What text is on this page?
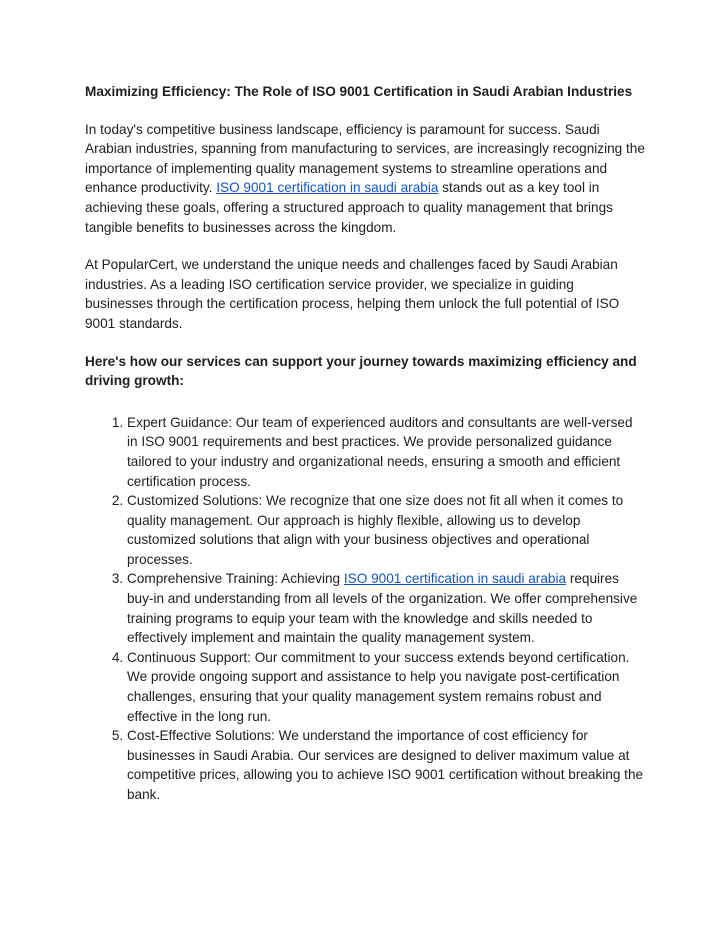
Maximizing Efficiency: The Role of ISO 9001 Certification in Saudi Arabian Industries

In today's competitive business landscape, efficiency is paramount for success. Saudi Arabian industries, spanning from manufacturing to services, are increasingly recognizing the importance of implementing quality management systems to streamline operations and enhance productivity. ISO 9001 certification in saudi arabia stands out as a key tool in achieving these goals, offering a structured approach to quality management that brings tangible benefits to businesses across the kingdom.

At PopularCert, we understand the unique needs and challenges faced by Saudi Arabian industries. As a leading ISO certification service provider, we specialize in guiding businesses through the certification process, helping them unlock the full potential of ISO 9001 standards.

Here's how our services can support your journey towards maximizing efficiency and driving growth:
1. Expert Guidance: Our team of experienced auditors and consultants are well-versed in ISO 9001 requirements and best practices. We provide personalized guidance tailored to your industry and organizational needs, ensuring a smooth and efficient certification process.
2. Customized Solutions: We recognize that one size does not fit all when it comes to quality management. Our approach is highly flexible, allowing us to develop customized solutions that align with your business objectives and operational processes.
3. Comprehensive Training: Achieving ISO 9001 certification in saudi arabia requires buy-in and understanding from all levels of the organization. We offer comprehensive training programs to equip your team with the knowledge and skills needed to effectively implement and maintain the quality management system.
4. Continuous Support: Our commitment to your success extends beyond certification. We provide ongoing support and assistance to help you navigate post-certification challenges, ensuring that your quality management system remains robust and effective in the long run.
5. Cost-Effective Solutions: We understand the importance of cost efficiency for businesses in Saudi Arabia. Our services are designed to deliver maximum value at competitive prices, allowing you to achieve ISO 9001 certification without breaking the bank.
